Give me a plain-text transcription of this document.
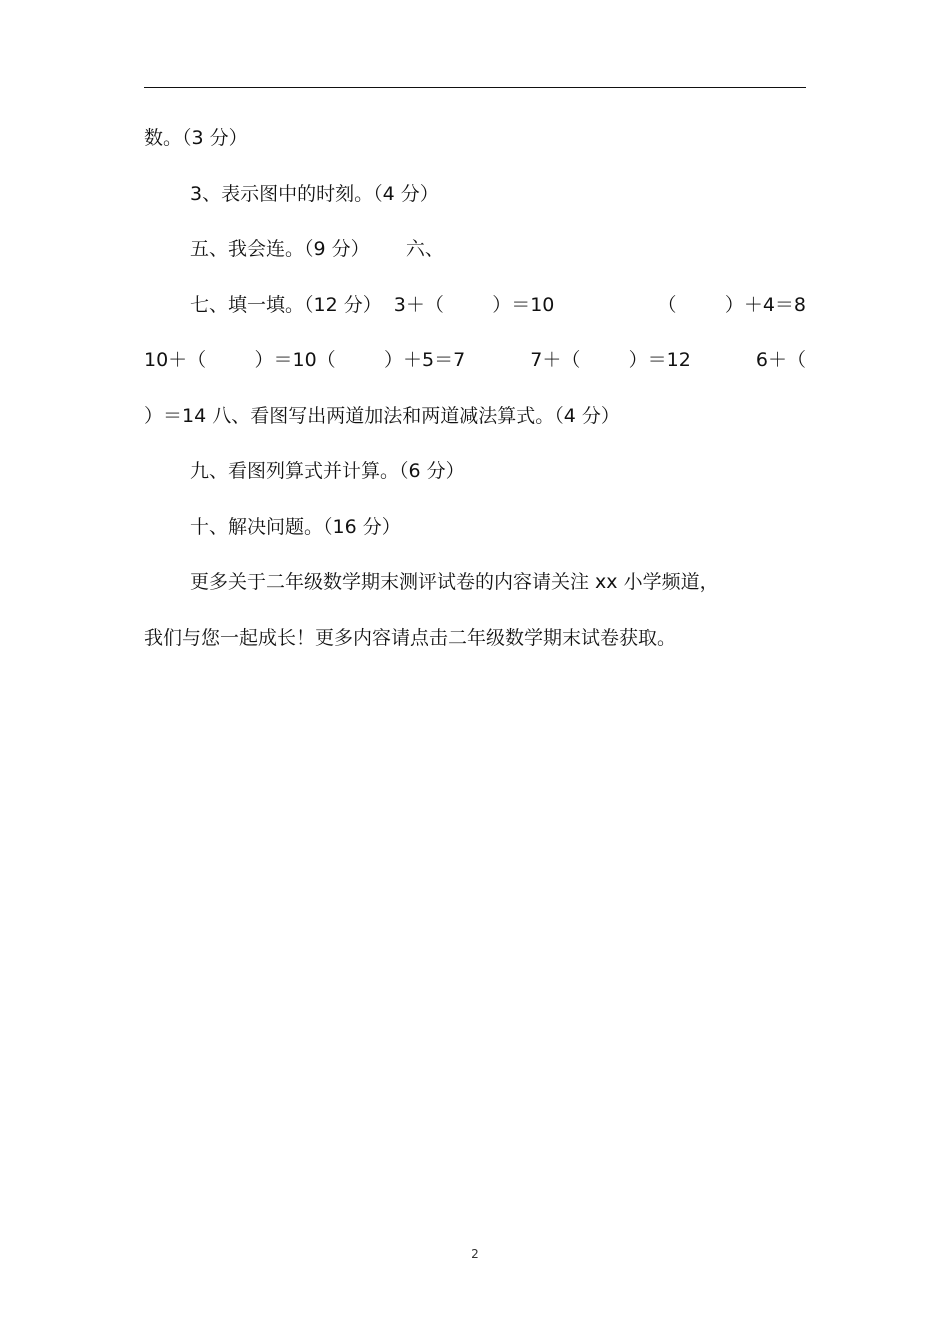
数。（3 分）
3、表示图中的时刻。（4 分）
五、我会连。（9 分）      六、
七、填一填。（12 分）  3＋（        ）＝10	（        ）＋4＝8
10＋（        ）＝10（        ）＋5＝7	7＋（        ）＝12	6＋（
）＝14 八、看图写出两道加法和两道减法算式。（4 分）
九、看图列算式并计算。（6 分）
十、解决问题。（16 分）
更多关于二年级数学期末测评试卷的内容请关注 xx 小学频道，
我们与您一起成长！更多内容请点击二年级数学期末试卷获取。
2
